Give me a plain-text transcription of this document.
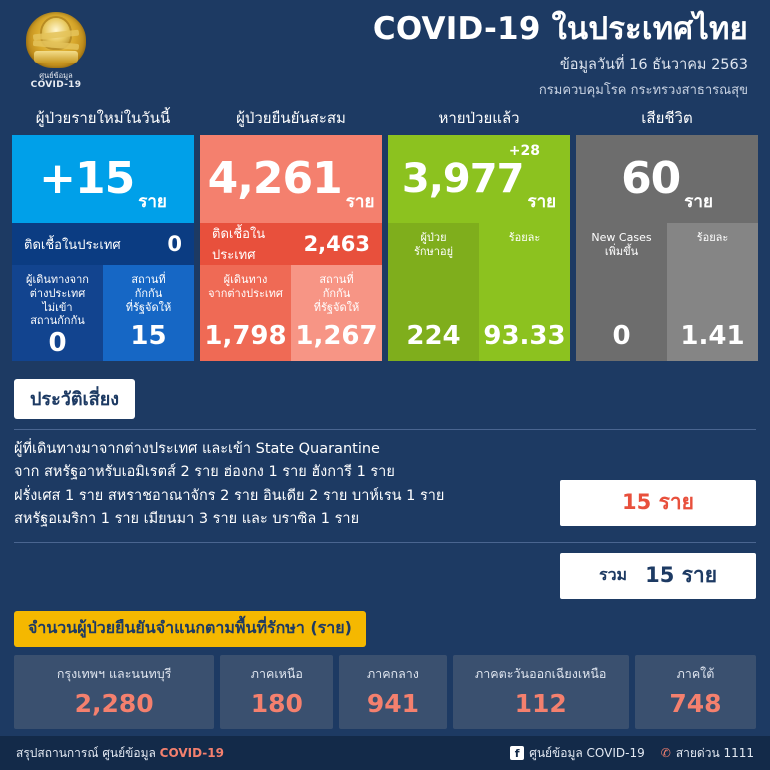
ศูนย์ข้อมูล
COVID-19
COVID-19 ในประเทศไทย
ข้อมูลวันที่ 16 ธันวาคม 2563
กรมควบคุมโรค กระทรวงสาธารณสุข
ผู้ป่วยรายใหม่ในวันนี้
+15 ราย
ติดเชื้อในประเทศ 0
ผู้เดินทางจาก
ต่างประเทศ
ไม่เข้า
สถานกักกัน
0
สถานที่
กักกัน
ที่รัฐจัดให้
15
ผู้ป่วยยืนยันสะสม
4,261 ราย
ติดเชื้อในประเทศ	2,463
ผู้เดินทาง
จากต่างประเทศ
1,798
สถานที่
กักกัน
ที่รัฐจัดให้
1,267
หายป่วยแล้ว
+28
3,977 ราย
ผู้ป่วย
รักษาอยู่
224
ร้อยละ
93.33
เสียชีวิต
60 ราย
New Cases
เพิ่มขึ้น
0
ร้อยละ
1.41
ประวัติเสี่ยง
ผู้ที่เดินทางมาจากต่างประเทศ และเข้า State Quarantine
จาก สหรัฐอาหรับเอมิเรตส์ 2 ราย ฮ่องกง 1 ราย ฮังการี 1 ราย
ฝรั่งเศส 1 ราย สหราชอาณาจักร 2 ราย อินเดีย 2 ราย บาห์เรน 1 ราย
สหรัฐอเมริกา 1 ราย เมียนมา 3 ราย และ บราซิล 1 ราย
15 ราย
รวม 15 ราย
จำนวนผู้ป่วยยืนยันจำแนกตามพื้นที่รักษา (ราย)
กรุงเทพฯ และนนทบุรี
2,280
ภาคเหนือ
180
ภาคกลาง
941
ภาคตะวันออกเฉียงเหนือ
112
ภาคใต้
748
สรุปสถานการณ์ ศูนย์ข้อมูล COVID-19	f ศูนย์ข้อมูล COVID-19 ✆ สายด่วน 1111
